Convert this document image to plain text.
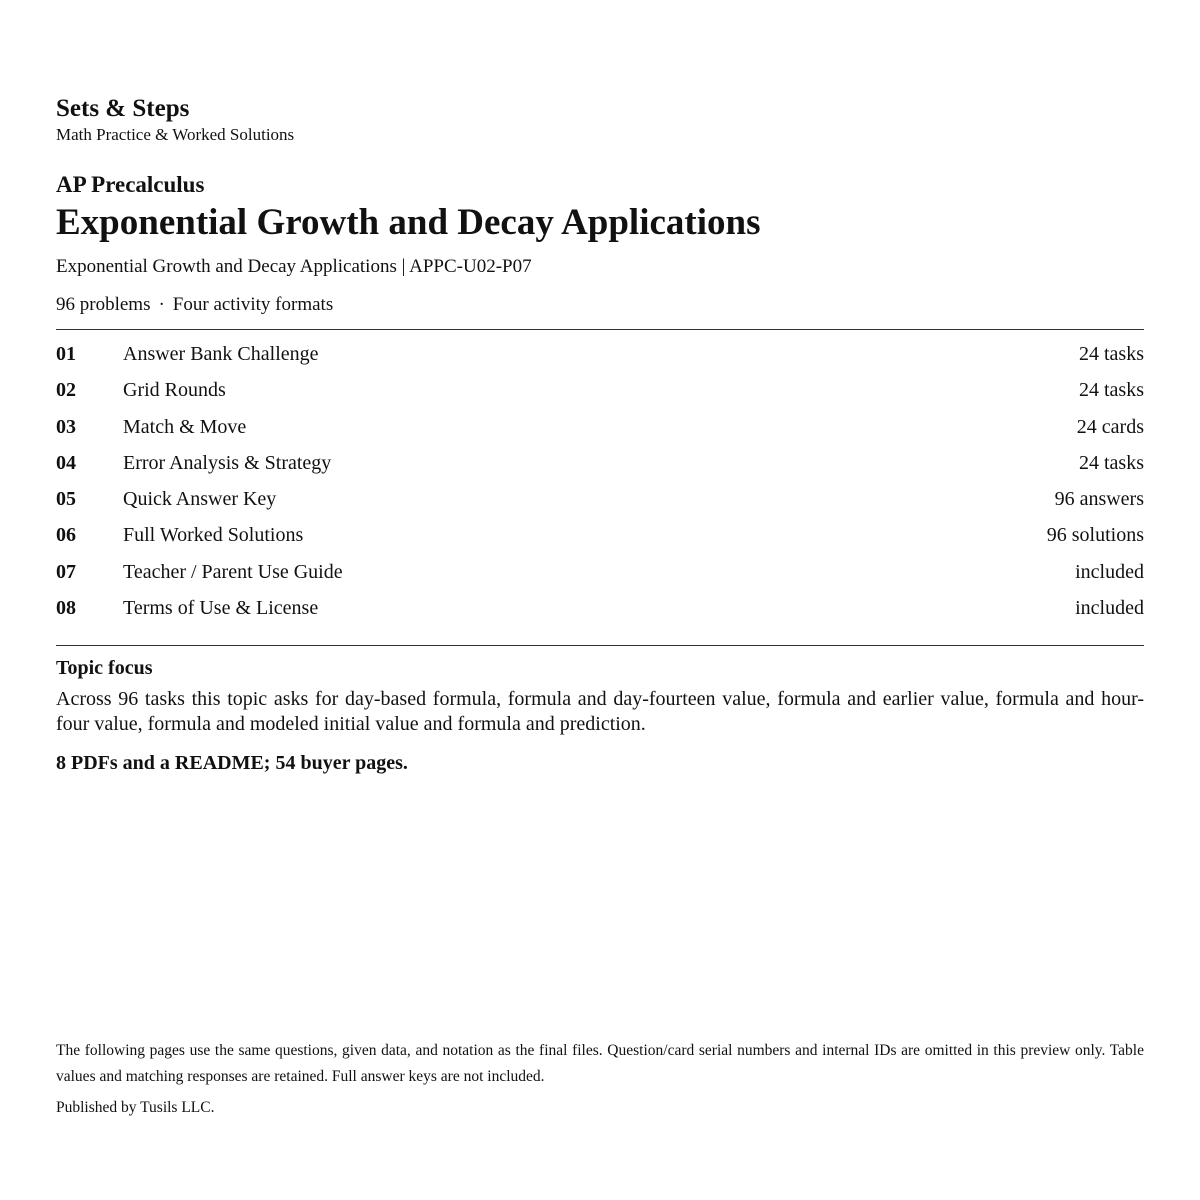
Sets & Steps
Math Practice & Worked Solutions
AP Precalculus
Exponential Growth and Decay Applications
Exponential Growth and Decay Applications | APPC-U02-P07
96 problems · Four activity formats
01 Answer Bank Challenge	24 tasks
02 Grid Rounds	24 tasks
03 Match & Move	24 cards
04 Error Analysis & Strategy	24 tasks
05 Quick Answer Key	96 answers
06 Full Worked Solutions	96 solutions
07 Teacher / Parent Use Guide	included
08 Terms of Use & License	included
Topic focus
Across 96 tasks this topic asks for day-based formula, formula and day-fourteen value, formula and earlier value, formula and hour-four value, formula and modeled initial value and formula and prediction.
8 PDFs and a README; 54 buyer pages.
The following pages use the same questions, given data, and notation as the final files. Question/card serial numbers and internal IDs are omitted in this preview only. Table values and matching responses are retained. Full answer keys are not included.
Published by Tusils LLC.
